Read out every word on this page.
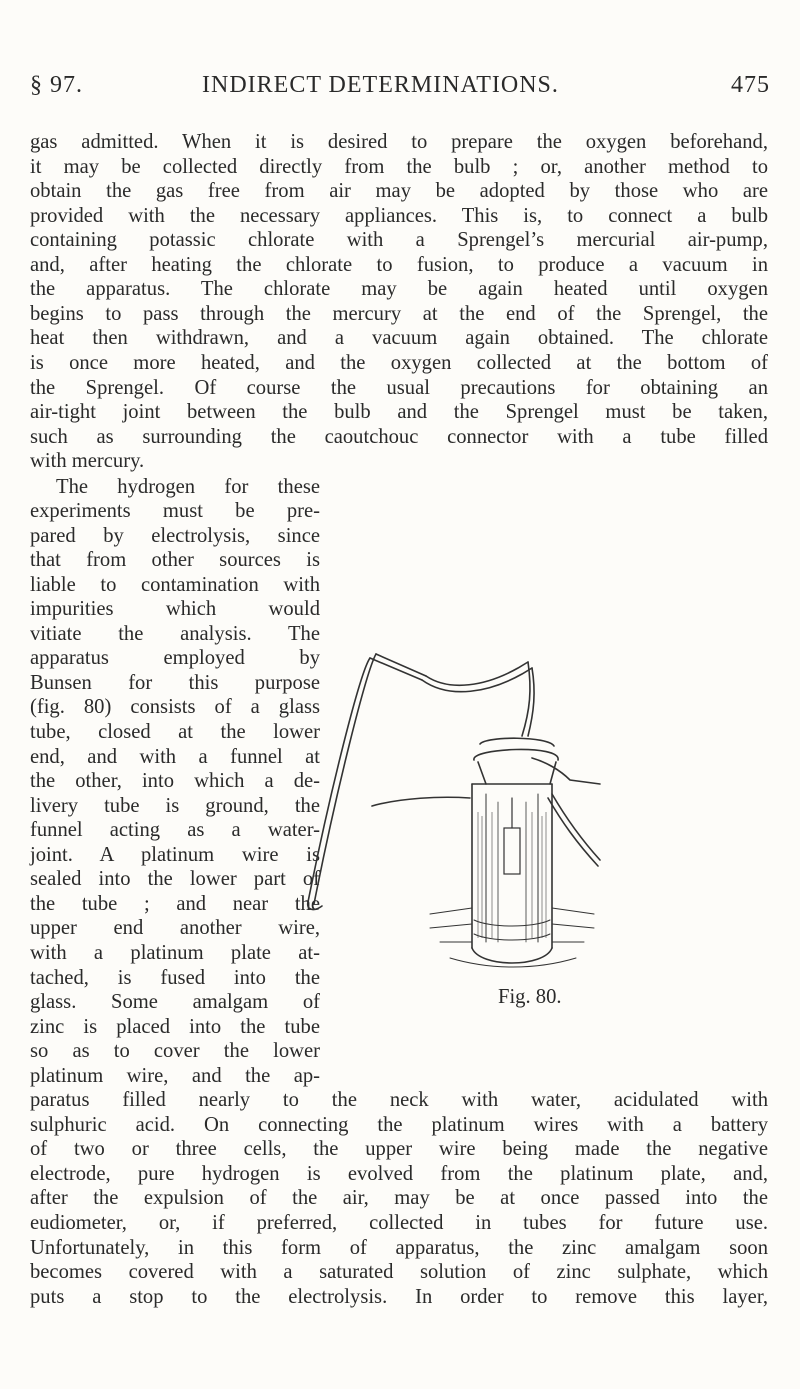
§ 97.	INDIRECT DETERMINATIONS.	475
gas admitted. When it is desired to prepare the oxygen beforehand,
it may be collected directly from the bulb ; or, another method to
obtain the gas free from air may be adopted by those who are
provided with the necessary appliances. This is, to connect a bulb
containing potassic chlorate with a Sprengel’s mercurial air-pump,
and, after heating the chlorate to fusion, to produce a vacuum in
the apparatus. The chlorate may be again heated until oxygen
begins to pass through the mercury at the end of the Sprengel, the
heat then withdrawn, and a vacuum again obtained. The chlorate
is once more heated, and the oxygen collected at the bottom of
the Sprengel. Of course the usual precautions for obtaining an
air-tight joint between the bulb and the Sprengel must be taken,
such as surrounding the caoutchouc connector with a tube filled
with mercury.
The hydrogen for these
experiments must be pre-
pared by electrolysis, since
that from other sources is
liable to contamination with
impurities which would
vitiate the analysis. The
apparatus employed by
Bunsen for this purpose
(fig. 80) consists of a glass
tube, closed at the lower
end, and with a funnel at
the other, into which a de-
livery tube is ground, the
funnel acting as a water-
joint. A platinum wire is
sealed into the lower part of
the tube ; and near the
upper end another wire,
with a platinum plate at-
tached, is fused into the
glass. Some amalgam of
zinc is placed into the tube
so as to cover the lower
platinum wire, and the ap-
paratus filled nearly to the neck with water, acidulated with
sulphuric acid. On connecting the platinum wires with a battery
of two or three cells, the upper wire being made the negative
electrode, pure hydrogen is evolved from the platinum plate, and,
after the expulsion of the air, may be at once passed into the
eudiometer, or, if preferred, collected in tubes for future use.
Unfortunately, in this form of apparatus, the zinc amalgam soon
becomes covered with a saturated solution of zinc sulphate, which
puts a stop to the electrolysis. In order to remove this layer,
Fig. 80.
